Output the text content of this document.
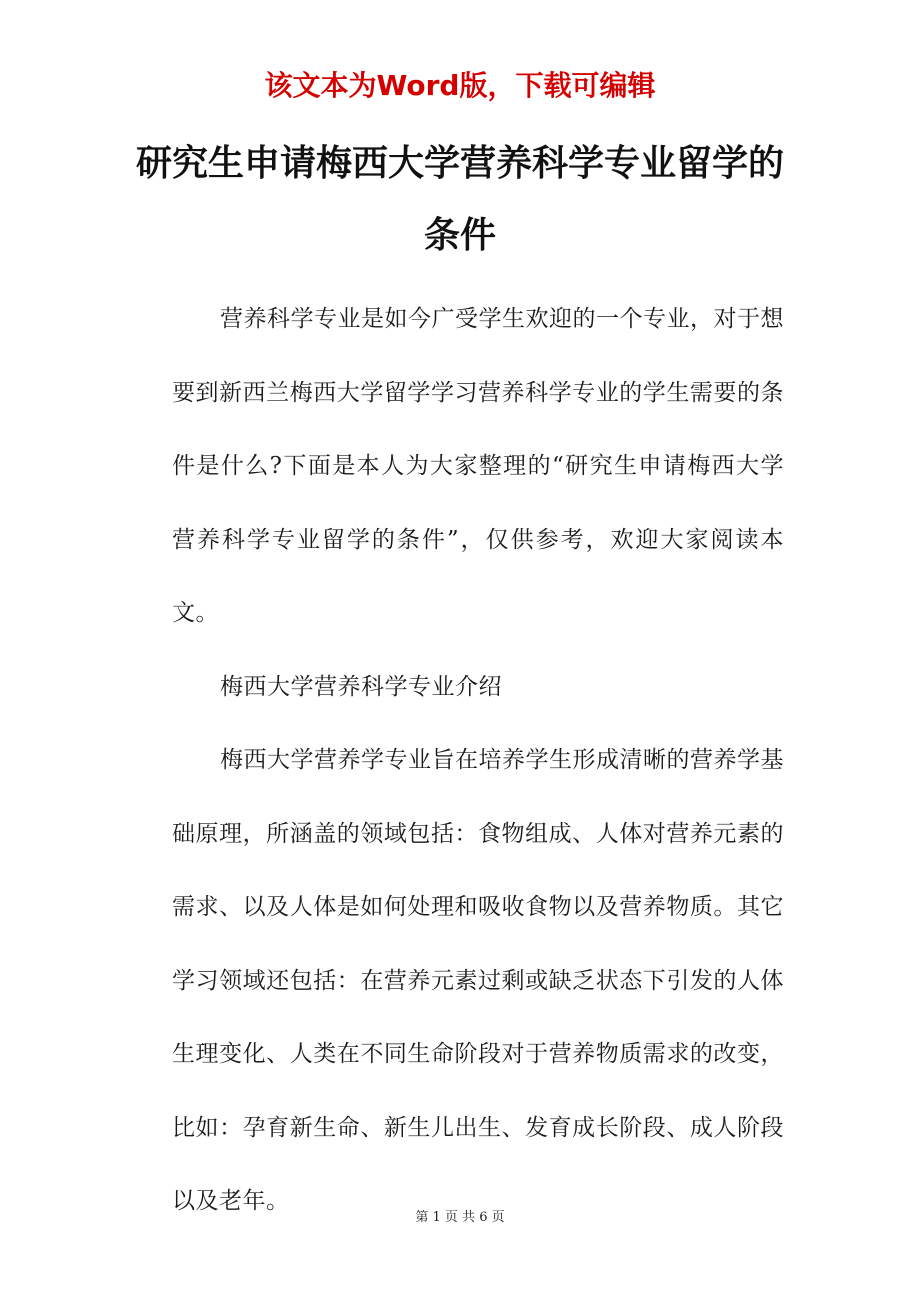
该文本为Word版，下载可编辑
研究生申请梅西大学营养科学专业留学的条件

营养科学专业是如今广受学生欢迎的一个专业，对于想要到新西兰梅西大学留学学习营养科学专业的学生需要的条件是什么?下面是本人为大家整理的“研究生申请梅西大学营养科学专业留学的条件”，仅供参考，欢迎大家阅读本文。

梅西大学营养科学专业介绍

梅西大学营养学专业旨在培养学生形成清晰的营养学基础原理，所涵盖的领域包括：食物组成、人体对营养元素的需求、以及人体是如何处理和吸收食物以及营养物质。其它学习领域还包括：在营养元素过剩或缺乏状态下引发的人体生理变化、人类在不同生命阶段对于营养物质需求的改变，比如：孕育新生命、新生儿出生、发育成长阶段、成人阶段以及老年。

第 1 页 共 6 页
